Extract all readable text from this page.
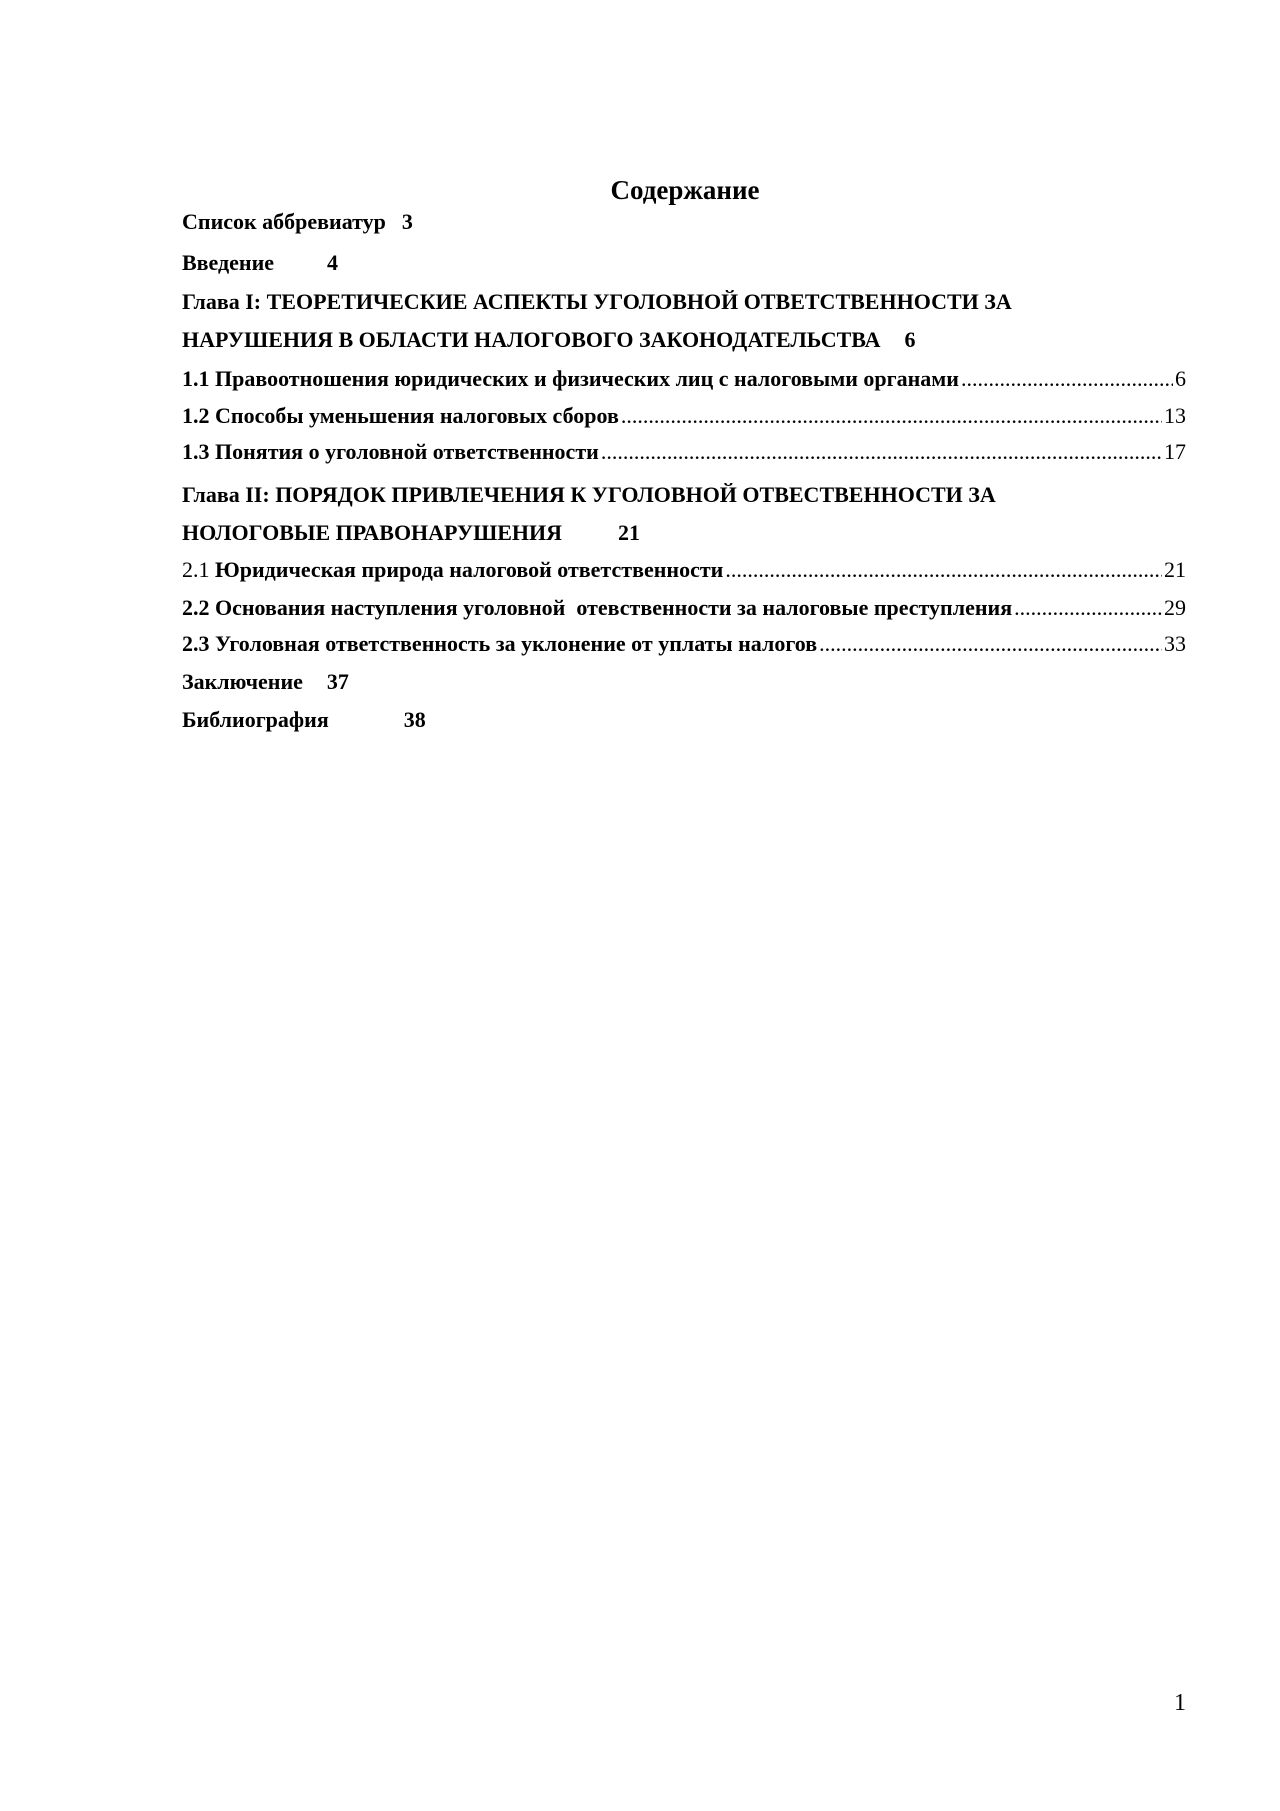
Содержание
Список аббревиатур 3
Введение 4
Глава I: ТЕОРЕТИЧЕСКИЕ АСПЕКТЫ УГОЛОВНОЙ ОТВЕТСТВЕННОСТИ ЗА
НАРУШЕНИЯ В ОБЛАСТИ НАЛОГОВОГО ЗАКОНОДАТЕЛЬСТВА 6
1.1 Правоотношения юридических и физических лиц с налоговыми органами .....	6
1.2 Способы уменьшения налоговых сборов .....	13
1.3 Понятия о уголовной ответственности .....	17
Глава II: ПОРЯДОК ПРИВЛЕЧЕНИЯ К УГОЛОВНОЙ ОТВЕСТВЕННОСТИ ЗА
НОЛОГОВЫЕ ПРАВОНАРУШЕНИЯ	21
2.1 Юридическая природа налоговой ответственности .....	21
2.2 Основания наступления уголовной  отевственности за налоговые преступления .....	29
2.3 Уголовная ответственность за уклонение от уплаты налогов .....	33
Заключение 37
Библиография	38
1
